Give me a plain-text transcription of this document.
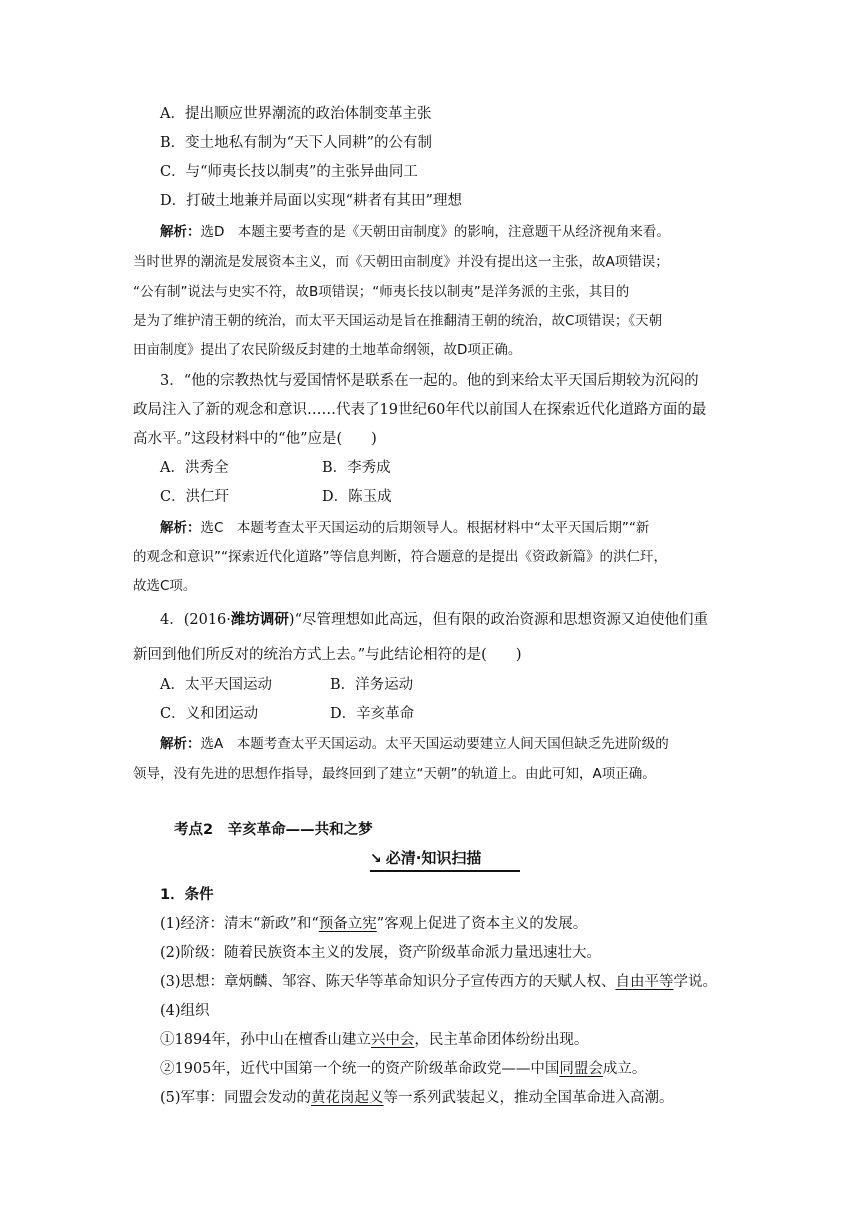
A．提出顺应世界潮流的政治体制变革主张
B．变土地私有制为“天下人同耕”的公有制
C．与“师夷长技以制夷”的主张异曲同工
D．打破土地兼并局面以实现“耕者有其田”理想
解析：选D　本题主要考查的是《天朝田亩制度》的影响，注意题干从经济视角来看。
当时世界的潮流是发展资本主义，而《天朝田亩制度》并没有提出这一主张，故A项错误；
“公有制”说法与史实不符，故B项错误；“师夷长技以制夷”是洋务派的主张，其目的
是为了维护清王朝的统治，而太平天国运动是旨在推翻清王朝的统治，故C项错误；《天朝
田亩制度》提出了农民阶级反封建的土地革命纲领，故D项正确。
3．“他的宗教热忱与爱国情怀是联系在一起的。他的到来给太平天国后期较为沉闷的
政局注入了新的观念和意识……代表了19世纪60年代以前国人在探索近代化道路方面的最
高水平。”这段材料中的“他”应是(　　)
A．洪秀全	B．李秀成
C．洪仁玕	D．陈玉成
解析：选C　本题考查太平天国运动的后期领导人。根据材料中“太平天国后期”“新
的观念和意识”“探索近代化道路”等信息判断，符合题意的是提出《资政新篇》的洪仁玕，
故选C项。
4．(2016·潍坊调研)“尽管理想如此高远，但有限的政治资源和思想资源又迫使他们重
新回到他们所反对的统治方式上去。”与此结论相符的是(　　)
A．太平天国运动	B．洋务运动
C．义和团运动	D．辛亥革命
解析：选A　本题考查太平天国运动。太平天国运动要建立人间天国但缺乏先进阶级的
领导，没有先进的思想作指导，最终回到了建立“天朝”的轨道上。由此可知，A项正确。
考点2　辛亥革命——共和之梦
↘ 必清·知识扫描
1．条件
(1)经济：清末“新政”和“预备立宪”客观上促进了资本主义的发展。
(2)阶级：随着民族资本主义的发展，资产阶级革命派力量迅速壮大。
(3)思想：章炳麟、邹容、陈天华等革命知识分子宣传西方的天赋人权、自由平等学说。
(4)组织
①1894年，孙中山在檀香山建立兴中会，民主革命团体纷纷出现。
②1905年，近代中国第一个统一的资产阶级革命政党——中国同盟会成立。
(5)军事：同盟会发动的黄花岗起义等一系列武装起义，推动全国革命进入高潮。
